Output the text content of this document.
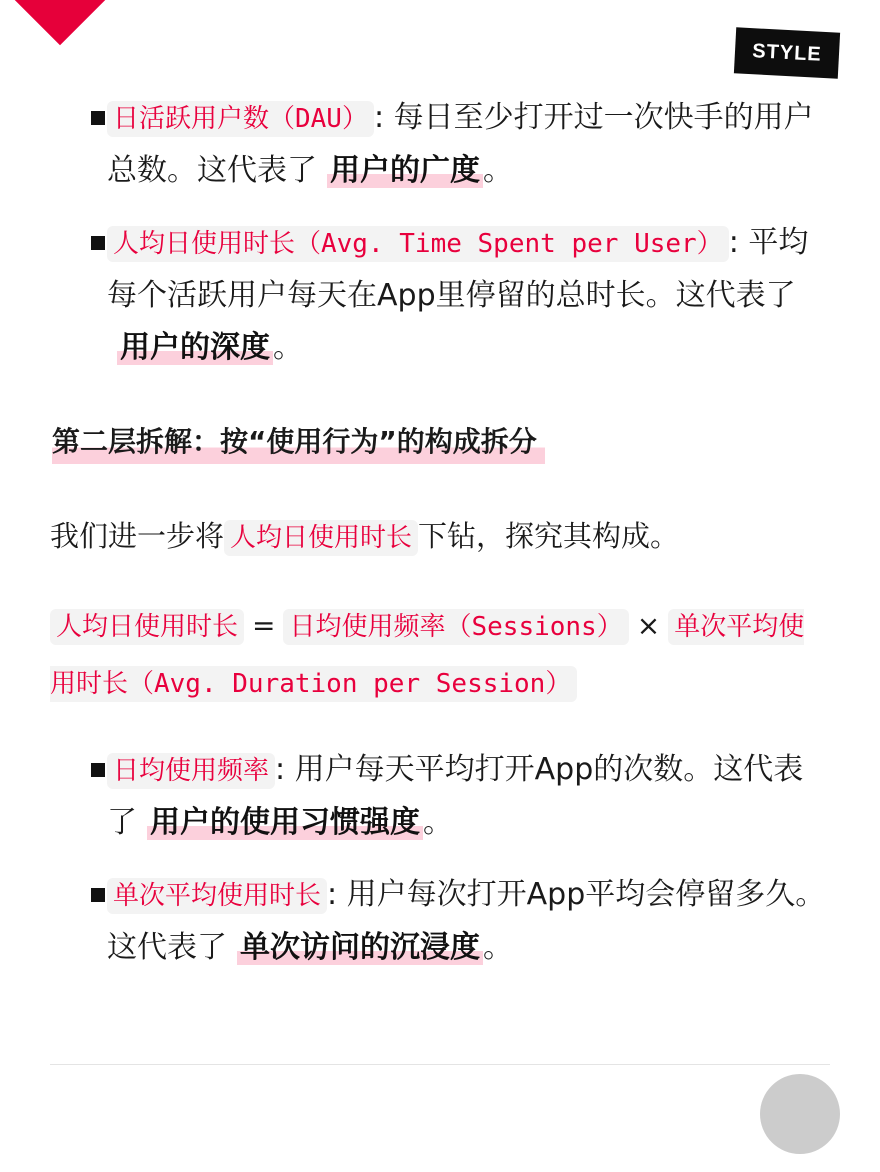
STYLE
日活跃用户数（DAU） : 每日至少打开过一次快手的用户总数。这代表了 用户的广度 。
人均日使用时长（Avg. Time Spent per User） : 平均每个活跃用户每天在App里停留的总时长。这代表了用户的深度 。
第二层拆解：按“使用行为”的构成拆分
我们进一步将 人均日使用时长 下钻，探究其构成。
人均日使用时长 = 日均使用频率（Sessions） × 单次平均使用时长（Avg. Duration per Session）
日均使用频率 : 用户每天平均打开App的次数。这代表了 用户的使用习惯强度 。
单次平均使用时长 : 用户每次打开App平均会停留多久。这代表了 单次访问的沉浸度 。
